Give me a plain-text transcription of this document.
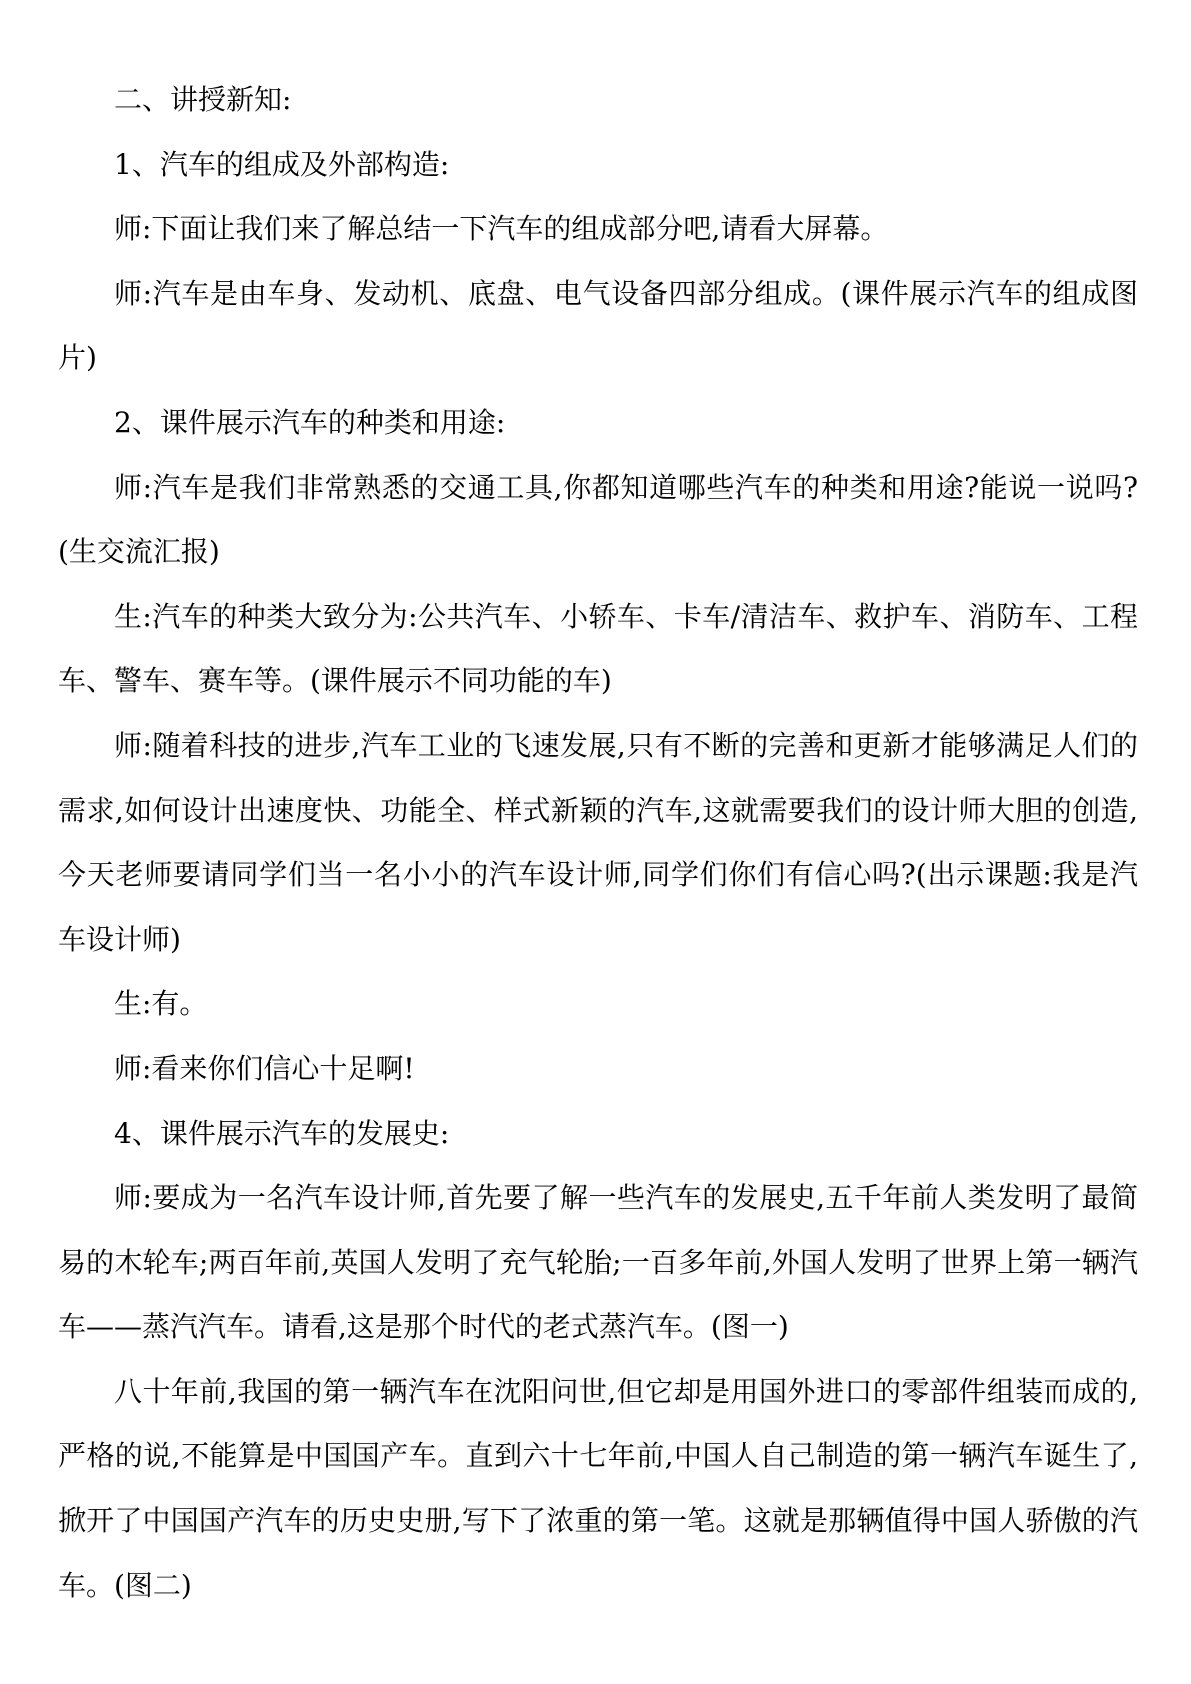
二、讲授新知:

1、汽车的组成及外部构造:

师:下面让我们来了解总结一下汽车的组成部分吧,请看大屏幕。

师:汽车是由车身、发动机、底盘、电气设备四部分组成。(课件展示汽车的组成图片)

2、课件展示汽车的种类和用途:

师:汽车是我们非常熟悉的交通工具,你都知道哪些汽车的种类和用途?能说一说吗?(生交流汇报)

生:汽车的种类大致分为:公共汽车、小轿车、卡车/清洁车、救护车、消防车、工程车、警车、赛车等。(课件展示不同功能的车)

师:随着科技的进步,汽车工业的飞速发展,只有不断的完善和更新才能够满足人们的需求,如何设计出速度快、功能全、样式新颖的汽车,这就需要我们的设计师大胆的创造,今天老师要请同学们当一名小小的汽车设计师,同学们你们有信心吗?(出示课题:我是汽车设计师)

生:有。

师:看来你们信心十足啊!

4、课件展示汽车的发展史:

师:要成为一名汽车设计师,首先要了解一些汽车的发展史,五千年前人类发明了最简易的木轮车;两百年前,英国人发明了充气轮胎;一百多年前,外国人发明了世界上第一辆汽车——蒸汽汽车。请看,这是那个时代的老式蒸汽车。(图一)

八十年前,我国的第一辆汽车在沈阳问世,但它却是用国外进口的零部件组装而成的,严格的说,不能算是中国国产车。直到六十七年前,中国人自己制造的第一辆汽车诞生了,掀开了中国国产汽车的历史史册,写下了浓重的第一笔。这就是那辆值得中国人骄傲的汽车。(图二)
